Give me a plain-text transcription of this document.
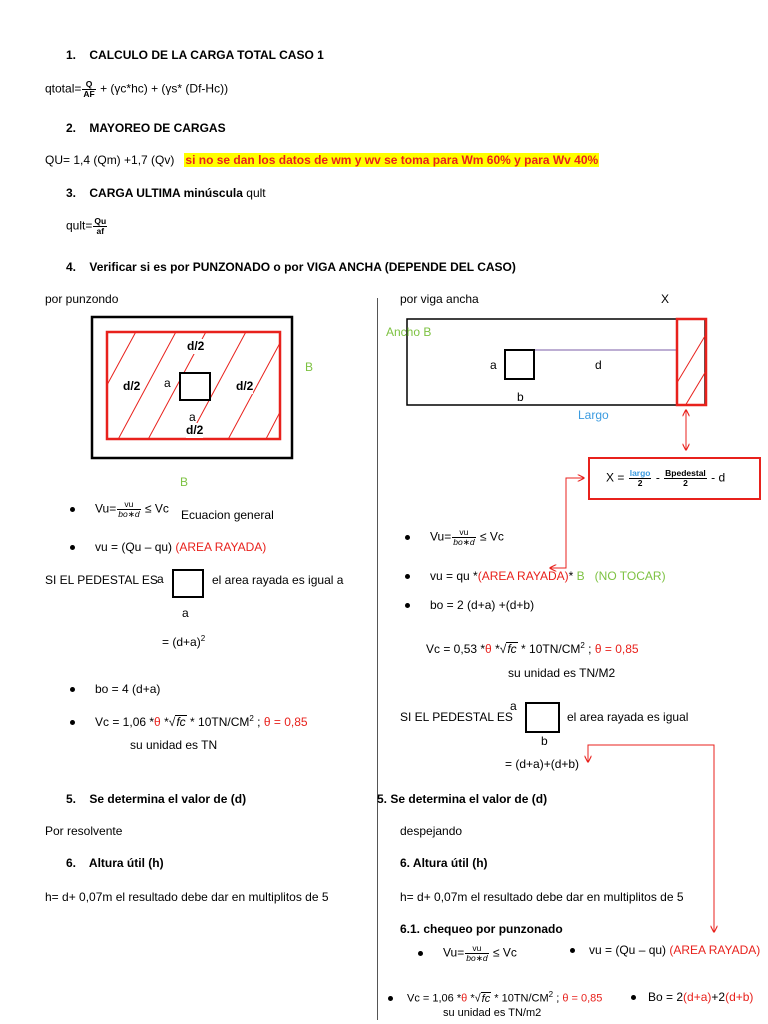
1. CALCULO DE LA CARGA TOTAL CASO 1
qtotal= $\frac{Q}{AF} + (\gamma c*hc) + (\gamma s*$ (Df-Hc))
2. MAYOREO DE CARGAS
QU= 1,4 (Qm) +1,7 (Qv) si no se dan los datos de wm y wv se toma para Wm 60% y para Wv 40%
3. CARGA ULTIMA minúscula qult
qult= $\frac{Qu}{af}$
4. Verificar si es por PUNZONADO o por VIGA ANCHA (DEPENDE DEL CASO)
por punzondo
d/2
d/2	d/2
d/2
a
a
B
B
$Vu= \frac{vu}{bo∗d} \le Vc$ Ecuacion general
vu = (Qu – qu) (AREA RAYADA)
SI EL PEDESTAL ES a	el area rayada es igual a
a
= $(d+a)^2$
bo = 4 (d+a)
Vc = 1,06 *θ $*√fc * 10TN/CM^2$ ; θ = 0,85
su unidad es TN
5. Se determina el valor de (d)
Por resolvente
6. Altura útil (h)
h= d+ 0,07m el resultado debe dar en multiplitos de 5
por viga ancha	X
Ancho B
a	d
b
Largo
$X = \frac{\text{largo}}{2} - \frac{\text{Bpedestal}}{2} - d$
$Vu= \frac{vu}{bo∗d} \le Vc$
vu = qu *(AREA RAYADA)* B (NO TOCAR)
bo = 2 (d+a) +(d+b)
Vc = 0,53 *θ $*√fc * 10TN/CM^2$ ; θ = 0,85
su unidad es TN/M2
SI EL PEDESTAL ES
a
el area rayada es igual
b
= (d+a)+(d+b)
5. Se determina el valor de (d)
despejando
6. Altura útil (h)
h= d+ 0,07m el resultado debe dar en multiplitos de 5
6.1. chequeo por punzonado
$Vu= \frac{vu}{bo∗d} \le Vc$	vu = (Qu – qu) (AREA RAYADA)
Vc = 1,06 *θ $*√fc * 10TN/CM^2$ ; θ = 0,85
su unidad es TN/m2
Bo = 2(d+a)+2(d+b)
